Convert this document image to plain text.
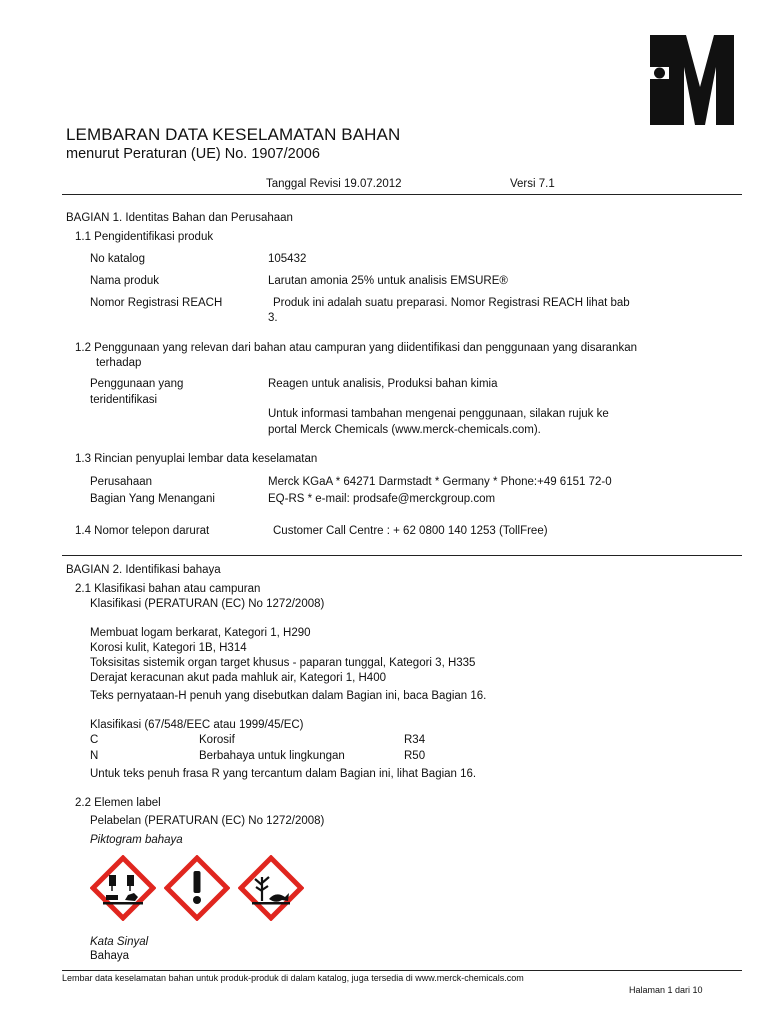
LEMBARAN DATA KESELAMATAN BAHAN
menurut Peraturan (UE) No. 1907/2006
Tanggal Revisi 19.07.2012	Versi 7.1
BAGIAN 1. Identitas Bahan dan Perusahaan
1.1 Pengidentifikasi produk
No katalog	105432
Nama produk	Larutan amonia 25% untuk analisis EMSURE®
Nomor Registrasi REACH	Produk ini adalah suatu preparasi. Nomor Registrasi REACH lihat bab
3.
1.2 Penggunaan yang relevan dari bahan atau campuran yang diidentifikasi dan penggunaan yang disarankan
terhadap
Penggunaan yang
teridentifikasi
Reagen untuk analisis, Produksi bahan kimia
Untuk informasi tambahan mengenai penggunaan, silakan rujuk ke
portal Merck Chemicals (www.merck-chemicals.com).
1.3 Rincian penyuplai lembar data keselamatan
Perusahaan	Merck KGaA * 64271 Darmstadt * Germany * Phone:+49 6151 72-0
Bagian Yang Menangani	EQ-RS * e-mail: prodsafe@merckgroup.com
1.4 Nomor telepon darurat	Customer Call Centre : + 62 0800 140 1253 (TollFree)
BAGIAN 2. Identifikasi bahaya
2.1 Klasifikasi bahan atau campuran
Klasifikasi (PERATURAN (EC) No 1272/2008)
Membuat logam berkarat, Kategori 1, H290
Korosi kulit, Kategori 1B, H314
Toksisitas sistemik organ target khusus - paparan tunggal, Kategori 3, H335
Derajat keracunan akut pada mahluk air, Kategori 1, H400
Teks pernyataan-H penuh yang disebutkan dalam Bagian ini, baca Bagian 16.
Klasifikasi (67/548/EEC atau 1999/45/EC)
C	Korosif	R34
N	Berbahaya untuk lingkungan	R50
Untuk teks penuh frasa R yang tercantum dalam Bagian ini, lihat Bagian 16.
2.2 Elemen label
Pelabelan (PERATURAN (EC) No 1272/2008)
Piktogram bahaya
Kata Sinyal
Bahaya
Lembar data keselamatan bahan untuk produk-produk di dalam katalog, juga tersedia di www.merck-chemicals.com
Halaman 1 dari 10
